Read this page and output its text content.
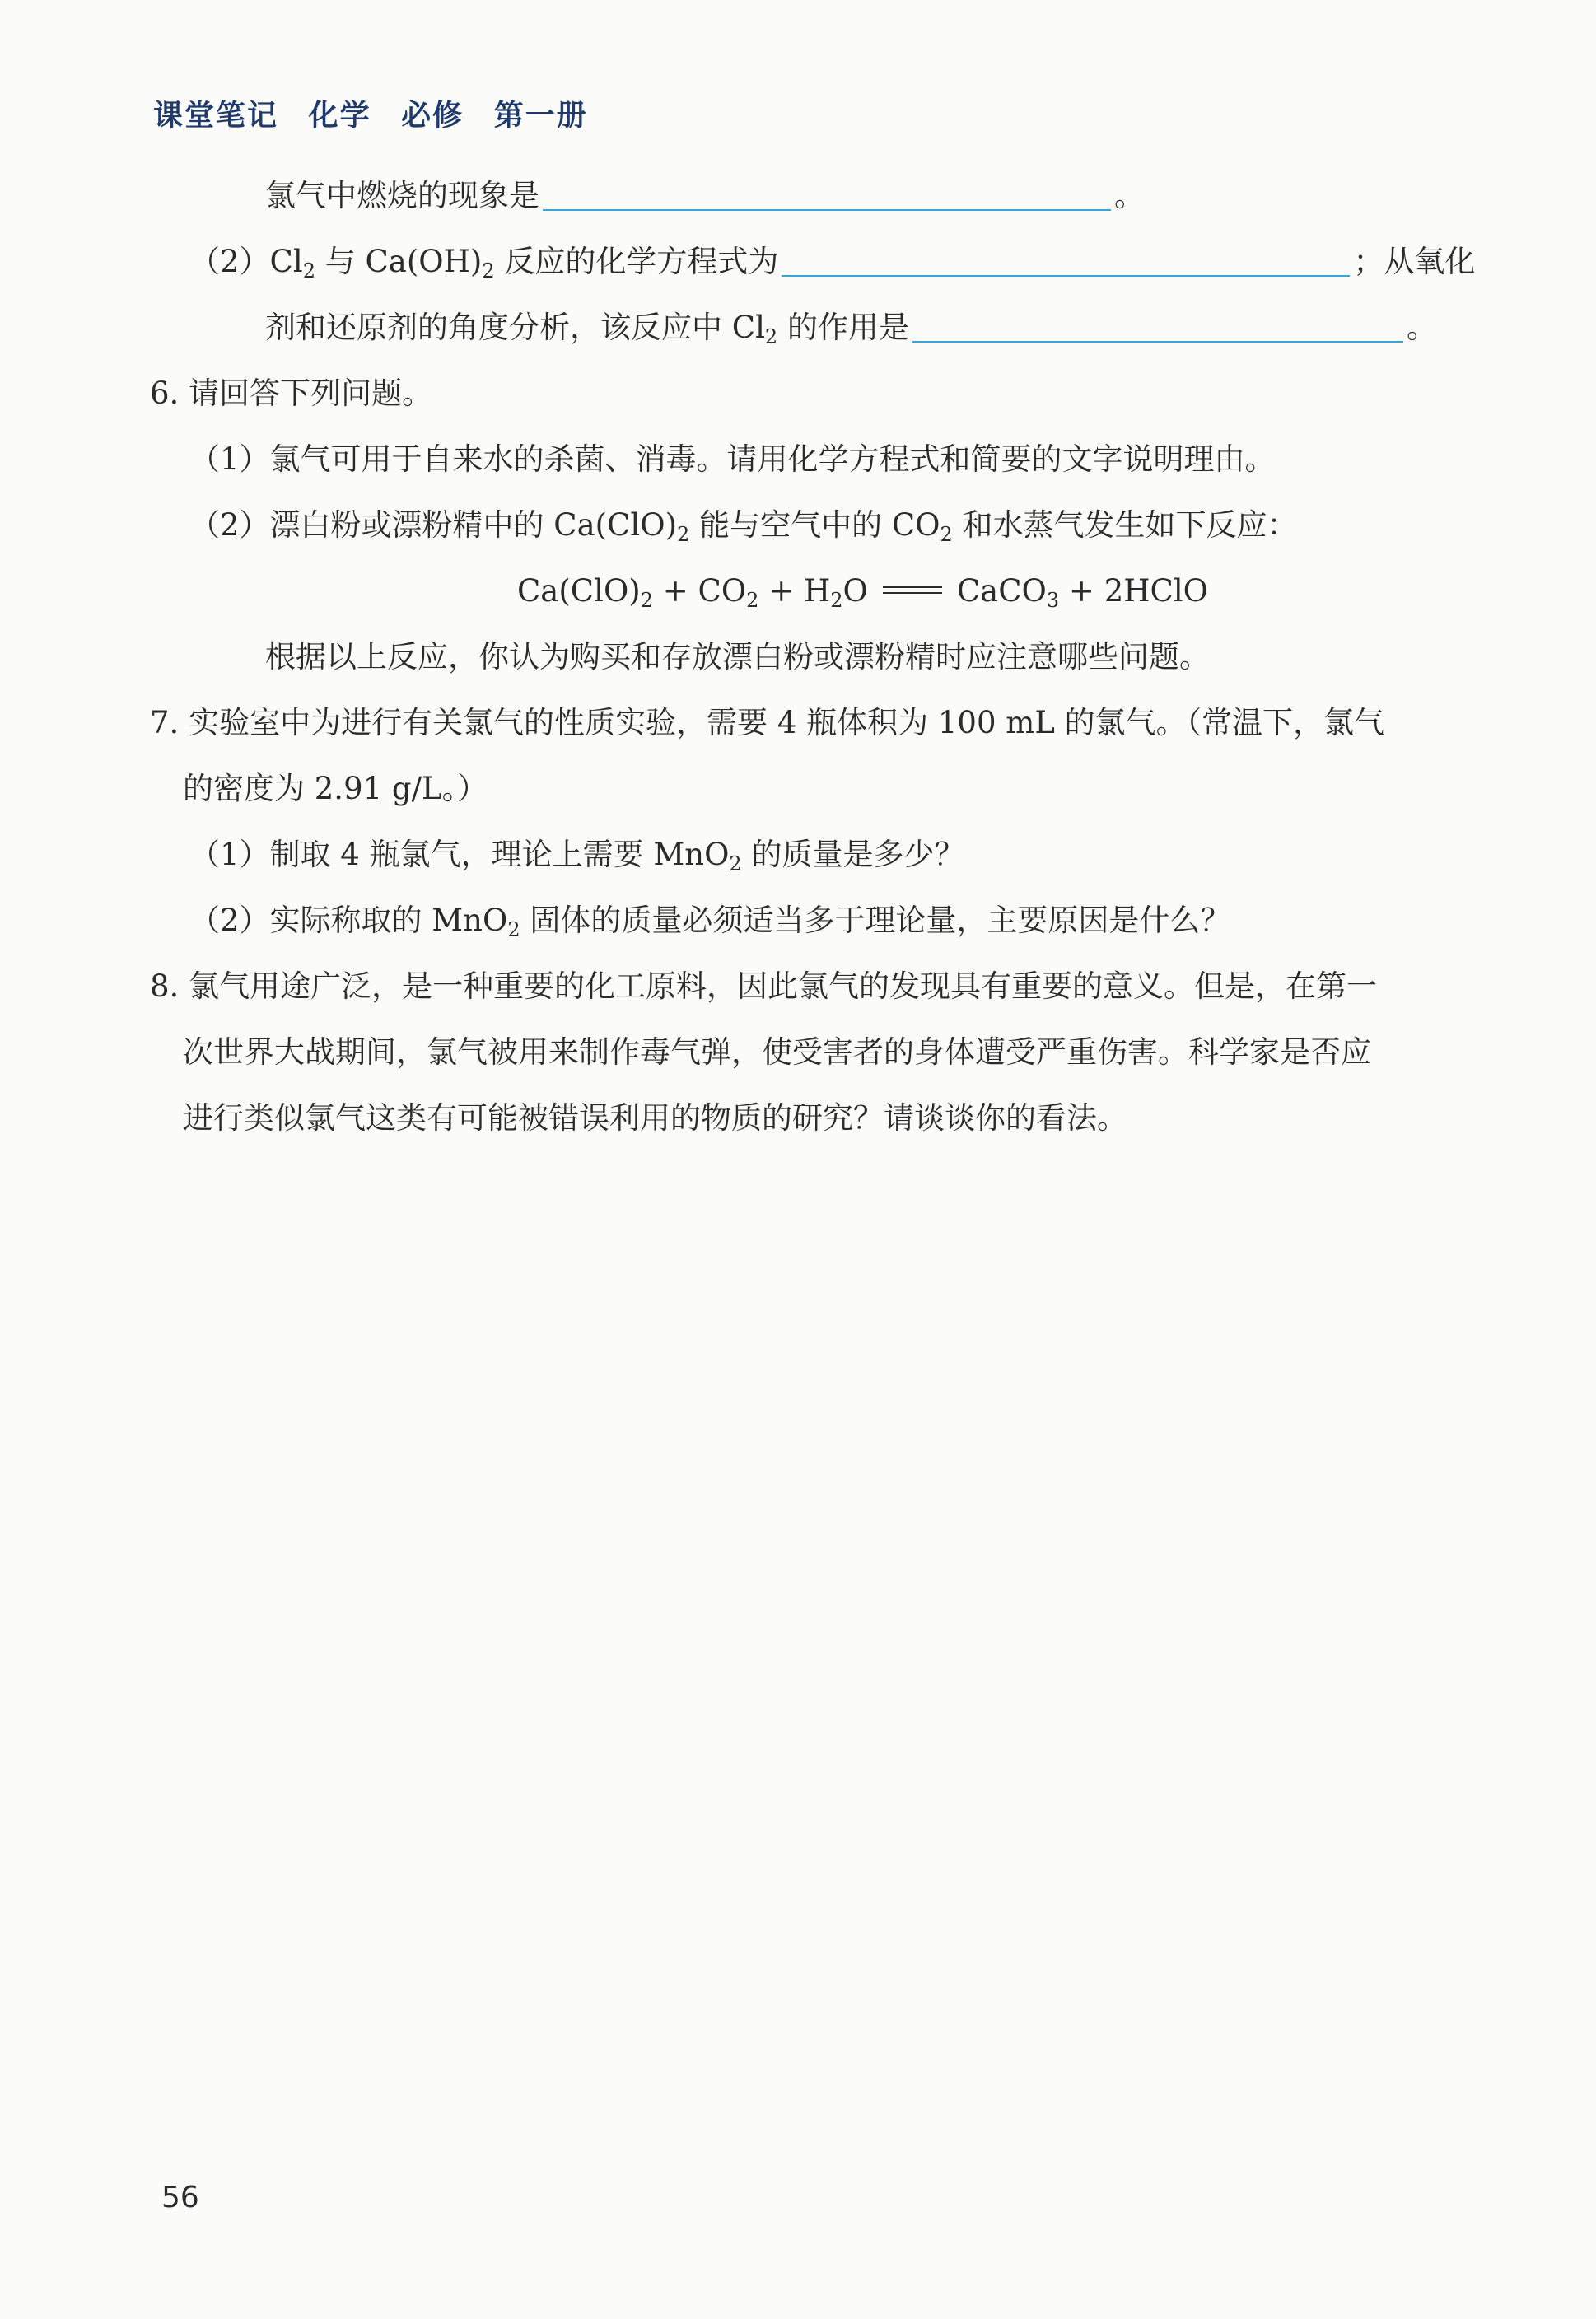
课堂笔记 化学 必修 第一册
氯气中燃烧的现象是	。
$(2)Cl_2$ 与 $Ca(OH)_2$ 反应的化学方程式为	；从氧化
剂和还原剂的角度分析，该反应中 $Cl_2$ 的作用是	。
6. 请回答下列问题。
（1）氯气可用于自来水的杀菌、消毒。请用化学方程式和简要的文字说明理由。
（2）漂白粉或漂粉精中的 $Ca(ClO)_2$ 能与空气中的 $CO_2$ 和水蒸气发生如下反应：
$Ca(ClO)_2 + CO_2 + H_2O$	CaCO$_3$ + 2HClO
根据以上反应，你认为购买和存放漂白粉或漂粉精时应注意哪些问题。
7. 实验室中为进行有关氯气的性质实验，需要 4 瓶体积为 100 mL 的氯气。（常温下，氯气
的密度为 2.91 g/L。）
（1）制取 4 瓶氯气，理论上需要 MnO$_2$ 的质量是多少？
（2）实际称取的 MnO$_2$ 固体的质量必须适当多于理论量，主要原因是什么？
8. 氯气用途广泛，是一种重要的化工原料，因此氯气的发现具有重要的意义。但是，在第一
次世界大战期间，氯气被用来制作毒气弹，使受害者的身体遭受严重伤害。科学家是否应
进行类似氯气这类有可能被错误利用的物质的研究？请谈谈你的看法。
56
